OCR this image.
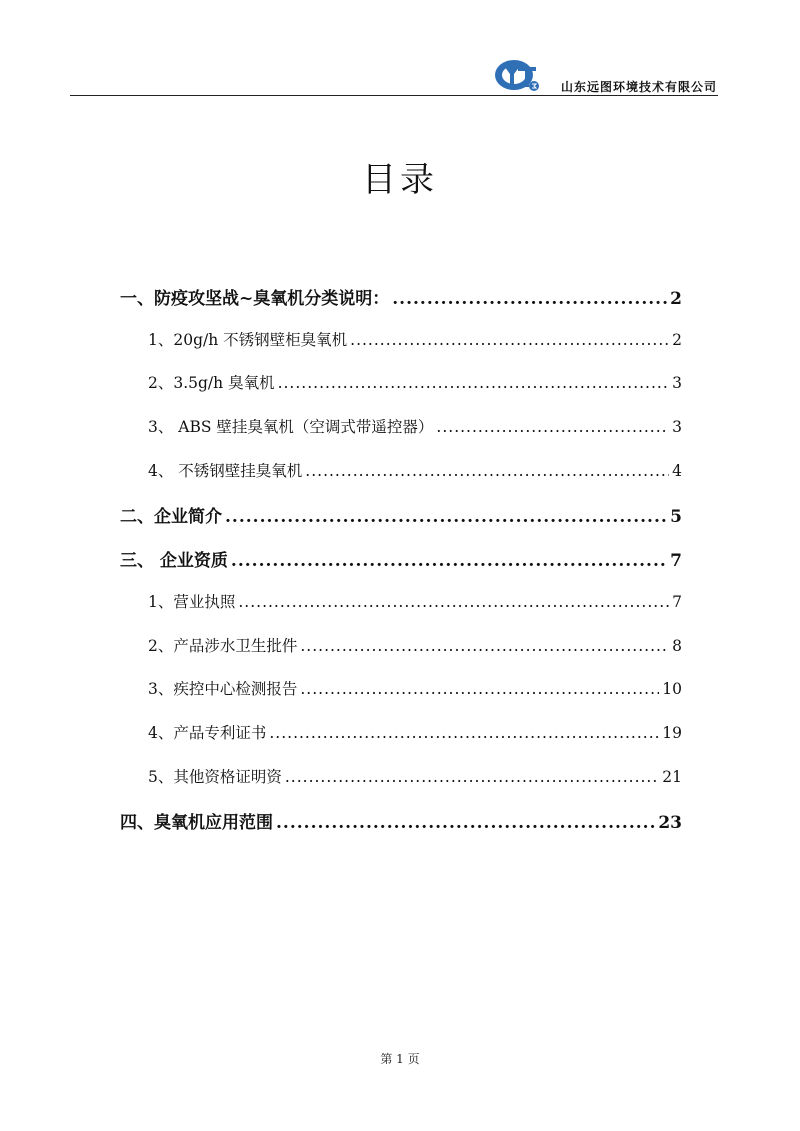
山东远图环境技术有限公司
目录
一、防疫攻坚战~臭氧机分类说明： .....	2
1、20g/h 不锈钢壁柜臭氧机 .....	2
2、3.5g/h 臭氧机 .....	3
3、 ABS 壁挂臭氧机（空调式带遥控器） .....	3
4、 不锈钢壁挂臭氧机 .....	4
二、企业简介 .....	5
三、 企业资质 .....	7
1、营业执照 .....	7
2、产品涉水卫生批件 .....	8
3、疾控中心检测报告 .....	10
4、产品专利证书 .....	19
5、其他资格证明资 .....	21
四、臭氧机应用范围 .....	23
第 1 页
